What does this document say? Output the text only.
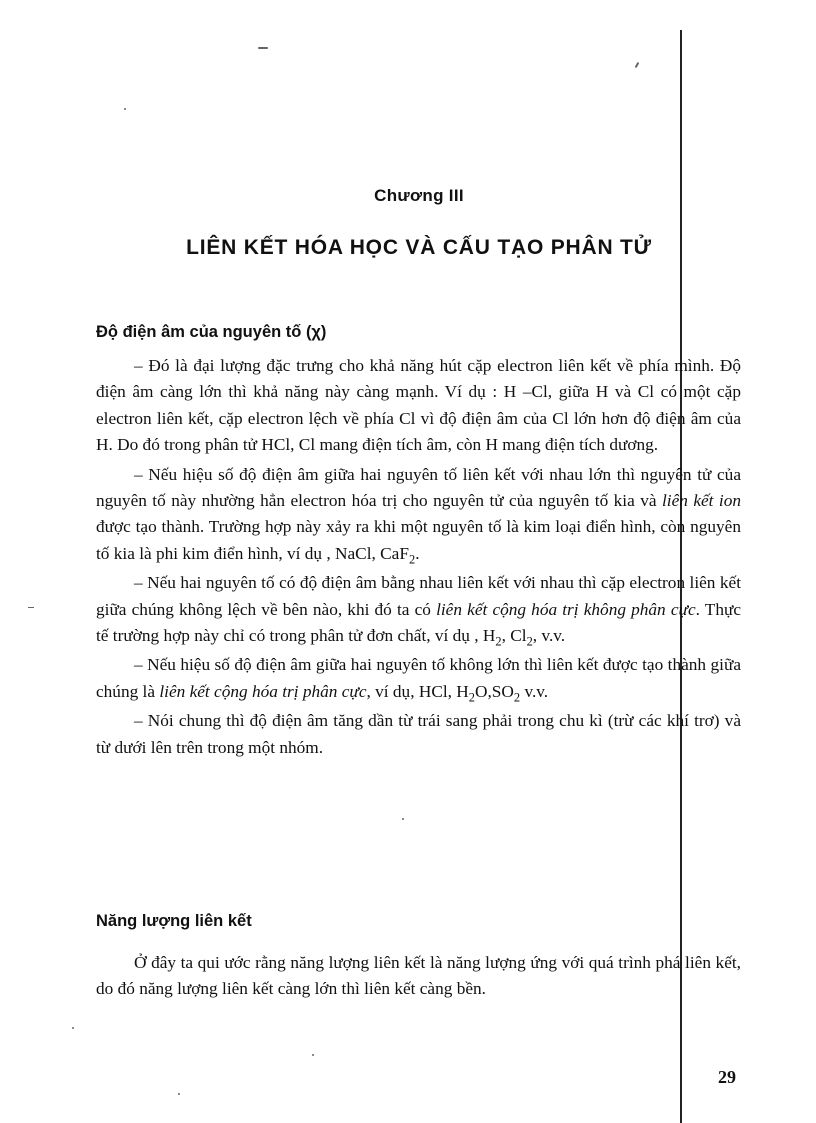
Chương III
LIÊN KẾT HÓA HỌC VÀ CẤU TẠO PHÂN TỬ
Độ điện âm của nguyên tố (χ)

– Đó là đại lượng đặc trưng cho khả năng hút cặp electron liên kết về phía mình. Độ điện âm càng lớn thì khả năng này càng mạnh. Ví dụ : H –Cl, giữa H và Cl có một cặp electron liên kết, cặp electron lệch về phía Cl vì độ điện âm của Cl lớn hơn độ điện âm của H. Do đó trong phân tử HCl, Cl mang điện tích âm, còn H mang điện tích dương.

– Nếu hiệu số độ điện âm giữa hai nguyên tố liên kết với nhau lớn thì nguyên tử của nguyên tố này nhường hẳn electron hóa trị cho nguyên tử của nguyên tố kia và liên kết ion được tạo thành. Trường hợp này xảy ra khi một nguyên tố là kim loại điển hình, còn nguyên tố kia là phi kim điển hình, ví dụ , NaCl, CaF$_2$.

– Nếu hai nguyên tố có độ điện âm bằng nhau liên kết với nhau thì cặp electron liên kết giữa chúng không lệch về bên nào, khi đó ta có liên kết cộng hóa trị không phân cực. Thực tế trường hợp này chỉ có trong phân tử đơn chất, ví dụ , $H_2$, $Cl_2$, v.v.

– Nếu hiệu số độ điện âm giữa hai nguyên tố không lớn thì liên kết được tạo thành giữa chúng là liên kết cộng hóa trị phân cực, ví dụ, HCl, $H_2O,SO_2$ v.v.

– Nói chung thì độ điện âm tăng dần từ trái sang phải trong chu kì (trừ các khí trơ) và từ dưới lên trên trong một nhóm.

Năng lượng liên kết

Ở đây ta qui ước rằng năng lượng liên kết là năng lượng ứng với quá trình phá liên kết, do đó năng lượng liên kết càng lớn thì liên kết càng bền.

29
